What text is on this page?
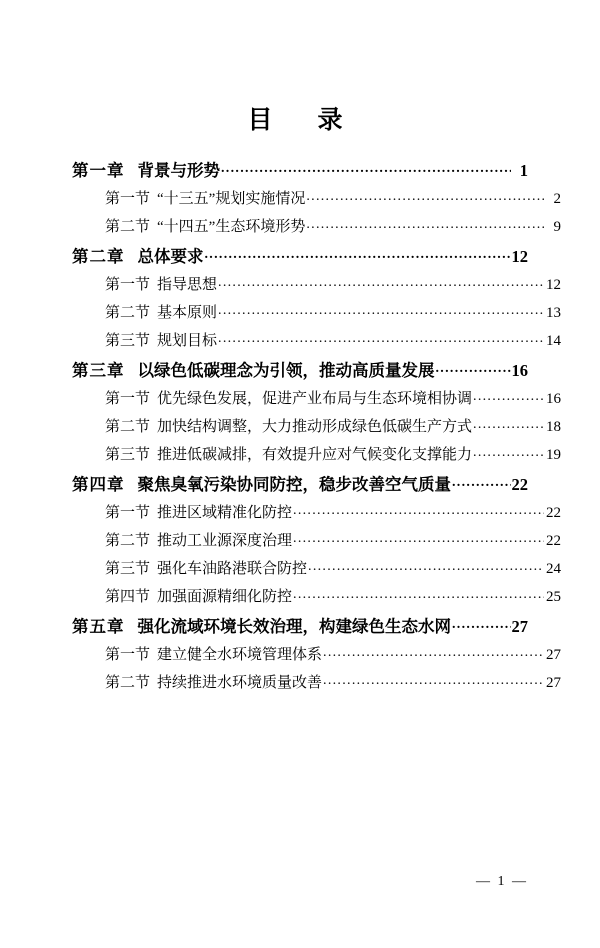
目　录
第一章 背景与形势 .....	1
第一节 “十三五”规划实施情况 .....	2
第二节 “十四五”生态环境形势 .....	9
第二章 总体要求 .....	12
第一节 指导思想 .....	12
第二节 基本原则 .....	13
第三节 规划目标 .....	14
第三章 以绿色低碳理念为引领，推动高质量发展 .....	16
第一节 优先绿色发展，促进产业布局与生态环境相协调 .....	16
第二节 加快结构调整，大力推动形成绿色低碳生产方式 .....	18
第三节 推进低碳减排，有效提升应对气候变化支撑能力 .....	19
第四章 聚焦臭氧污染协同防控，稳步改善空气质量 .....	22
第一节 推进区域精准化防控 .....	22
第二节 推动工业源深度治理 .....	22
第三节 强化车油路港联合防控 .....	24
第四节 加强面源精细化防控 .....	25
第五章 强化流域环境长效治理，构建绿色生态水网 .....	27
第一节 建立健全水环境管理体系 .....	27
第二节 持续推进水环境质量改善 .....	27
— 1 —
